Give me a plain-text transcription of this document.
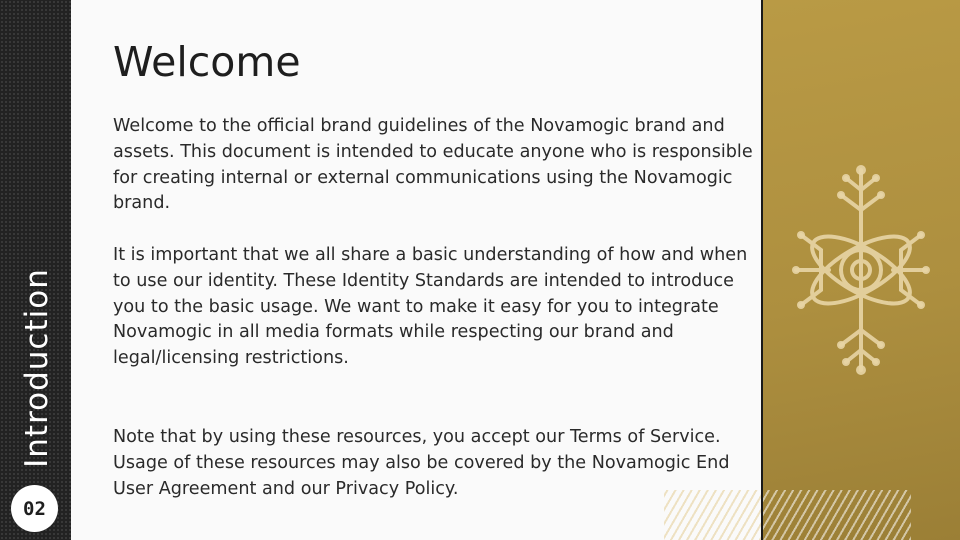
Introduction
02
Welcome

Welcome to the official brand guidelines of the Novamogic brand and assets. This document is intended to educate anyone who is responsible for creating internal or external communications using the Novamogic brand.

It is important that we all share a basic understanding of how and when to use our identity. These Identity Standards are intended to introduce you to the basic usage. We want to make it easy for you to integrate Novamogic in all media formats while respecting our brand and legal/licensing restrictions.

Note that by using these resources, you accept our Terms of Service. Usage of these resources may also be covered by the Novamogic End User Agreement and our Privacy Policy.
